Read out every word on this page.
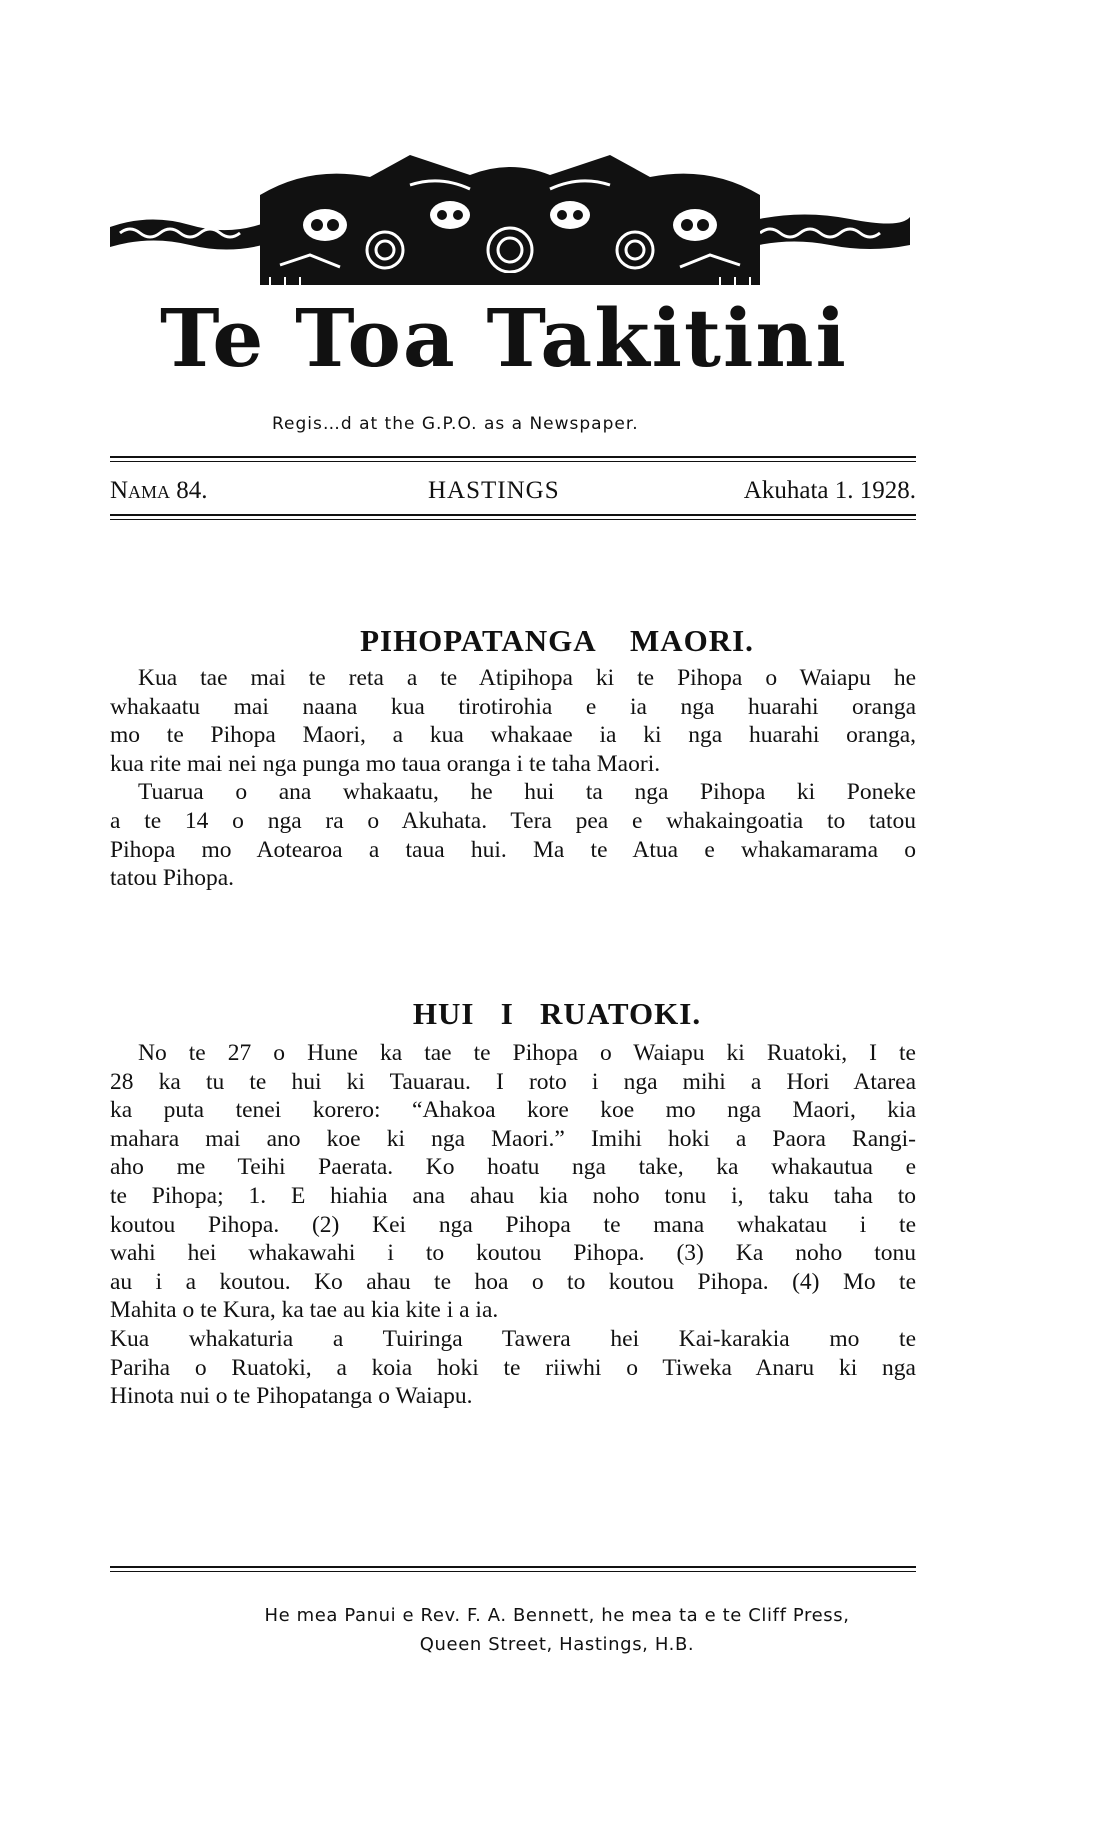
Te Toa Takitini
Regis…d at the G.P.O. as a Newspaper.
Nama 84.	HASTINGS	Akuhata 1. 1928.
PIHOPATANGA    MAORI.
Kua tae mai te reta a te Atipihopa ki te Pihopa o Waiapu he
whakaatu mai naana kua tirotirohia e ia nga huarahi oranga
mo te Pihopa Maori, a kua whakaae ia ki nga huarahi oranga,
kua rite mai nei nga punga mo taua oranga i te taha Maori.
Tuarua o ana whakaatu, he hui ta nga Pihopa ki Poneke
a te 14 o nga ra o Akuhata. Tera pea e whakaingoatia to tatou
Pihopa mo Aotearoa a taua hui. Ma te Atua e whakamarama o
tatou Pihopa.
HUI   I   RUATOKI.
No te 27 o Hune ka tae te Pihopa o Waiapu ki Ruatoki, I te
28 ka tu te hui ki Tauarau. I roto i nga mihi a Hori Atarea
ka puta tenei korero: “Ahakoa kore koe mo nga Maori, kia
mahara mai ano koe ki nga Maori.” Imihi hoki a Paora Rangi-
aho me Teihi Paerata. Ko hoatu nga take, ka whakautua e
te Pihopa; 1. E hiahia ana ahau kia noho tonu i, taku taha to
koutou Pihopa. (2) Kei nga Pihopa te mana whakatau i te
wahi hei whakawahi i to koutou Pihopa. (3) Ka noho tonu
au i a koutou. Ko ahau te hoa o to koutou Pihopa. (4) Mo te
Mahita o te Kura, ka tae au kia kite i a ia.
Kua whakaturia a Tuiringa Tawera hei Kai-karakia mo te
Pariha o Ruatoki, a koia hoki te riiwhi o Tiweka Anaru ki nga
Hinota nui o te Pihopatanga o Waiapu.
He mea Panui e Rev. F. A. Bennett, he mea ta e te Cliff Press,
Queen Street, Hastings, H.B.
